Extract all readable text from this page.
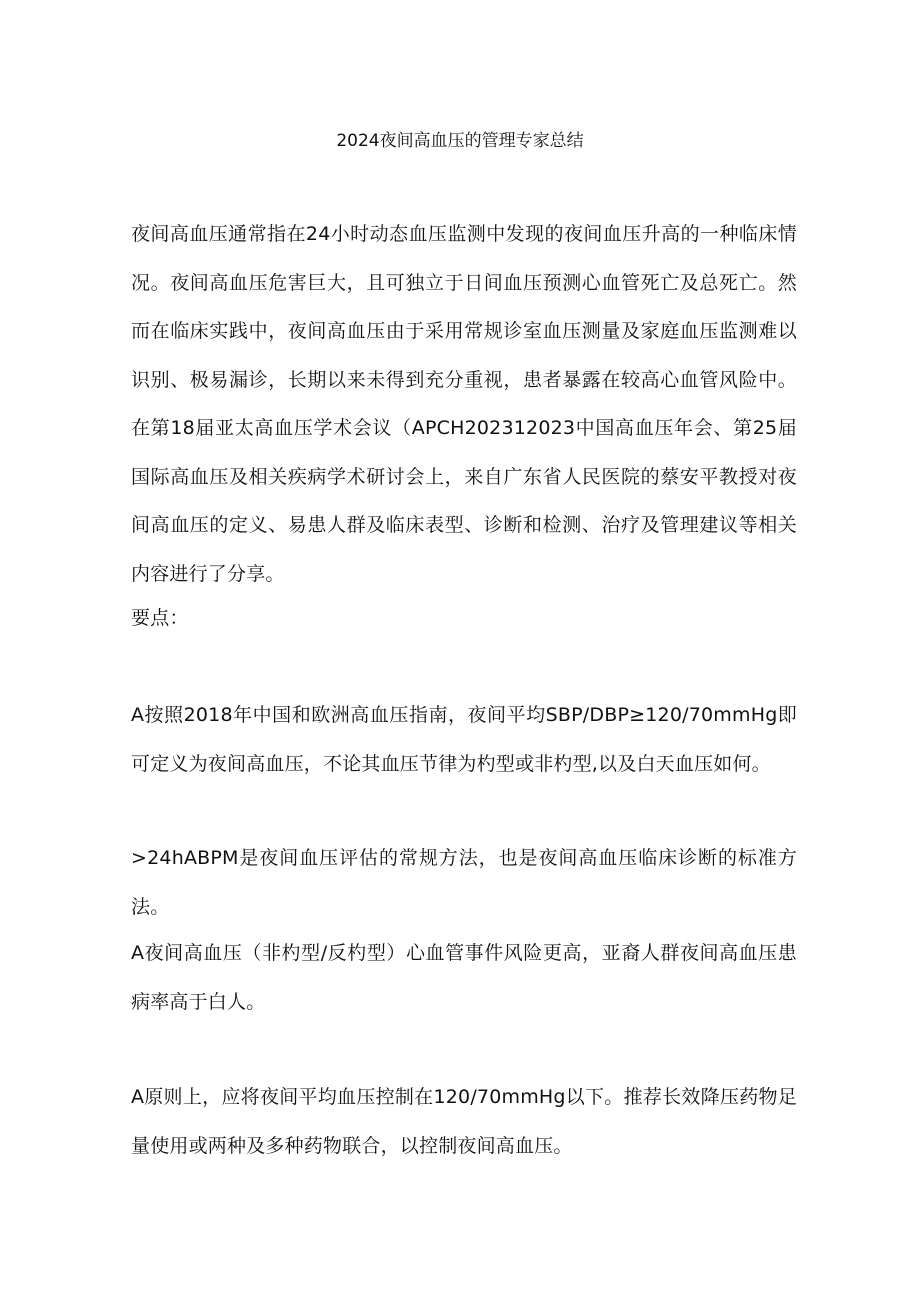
2024夜间高血压的管理专家总结

夜间高血压通常指在24小时动态血压监测中发现的夜间血压升高的一种临床情况。夜间高血压危害巨大，且可独立于日间血压预测心血管死亡及总死亡。然而在临床实践中，夜间高血压由于采用常规诊室血压测量及家庭血压监测难以识别、极易漏诊，长期以来未得到充分重视，患者暴露在较高心血管风险中。在第18届亚太高血压学术会议（APCH202312023中国高血压年会、第25届国际高血压及相关疾病学术研讨会上，来自广东省人民医院的蔡安平教授对夜间高血压的定义、易患人群及临床表型、诊断和检测、治疗及管理建议等相关内容进行了分享。

要点：

A按照2018年中国和欧洲高血压指南，夜间平均SBP/DBP≥120/70mmHg即可定义为夜间高血压，不论其血压节律为杓型或非杓型,以及白天血压如何。

>24hABPM是夜间血压评估的常规方法，也是夜间高血压临床诊断的标准方法。

A夜间高血压（非杓型/反杓型）心血管事件风险更高，亚裔人群夜间高血压患病率高于白人。

A原则上，应将夜间平均血压控制在120/70mmHg以下。推荐长效降压药物足量使用或两种及多种药物联合，以控制夜间高血压。
